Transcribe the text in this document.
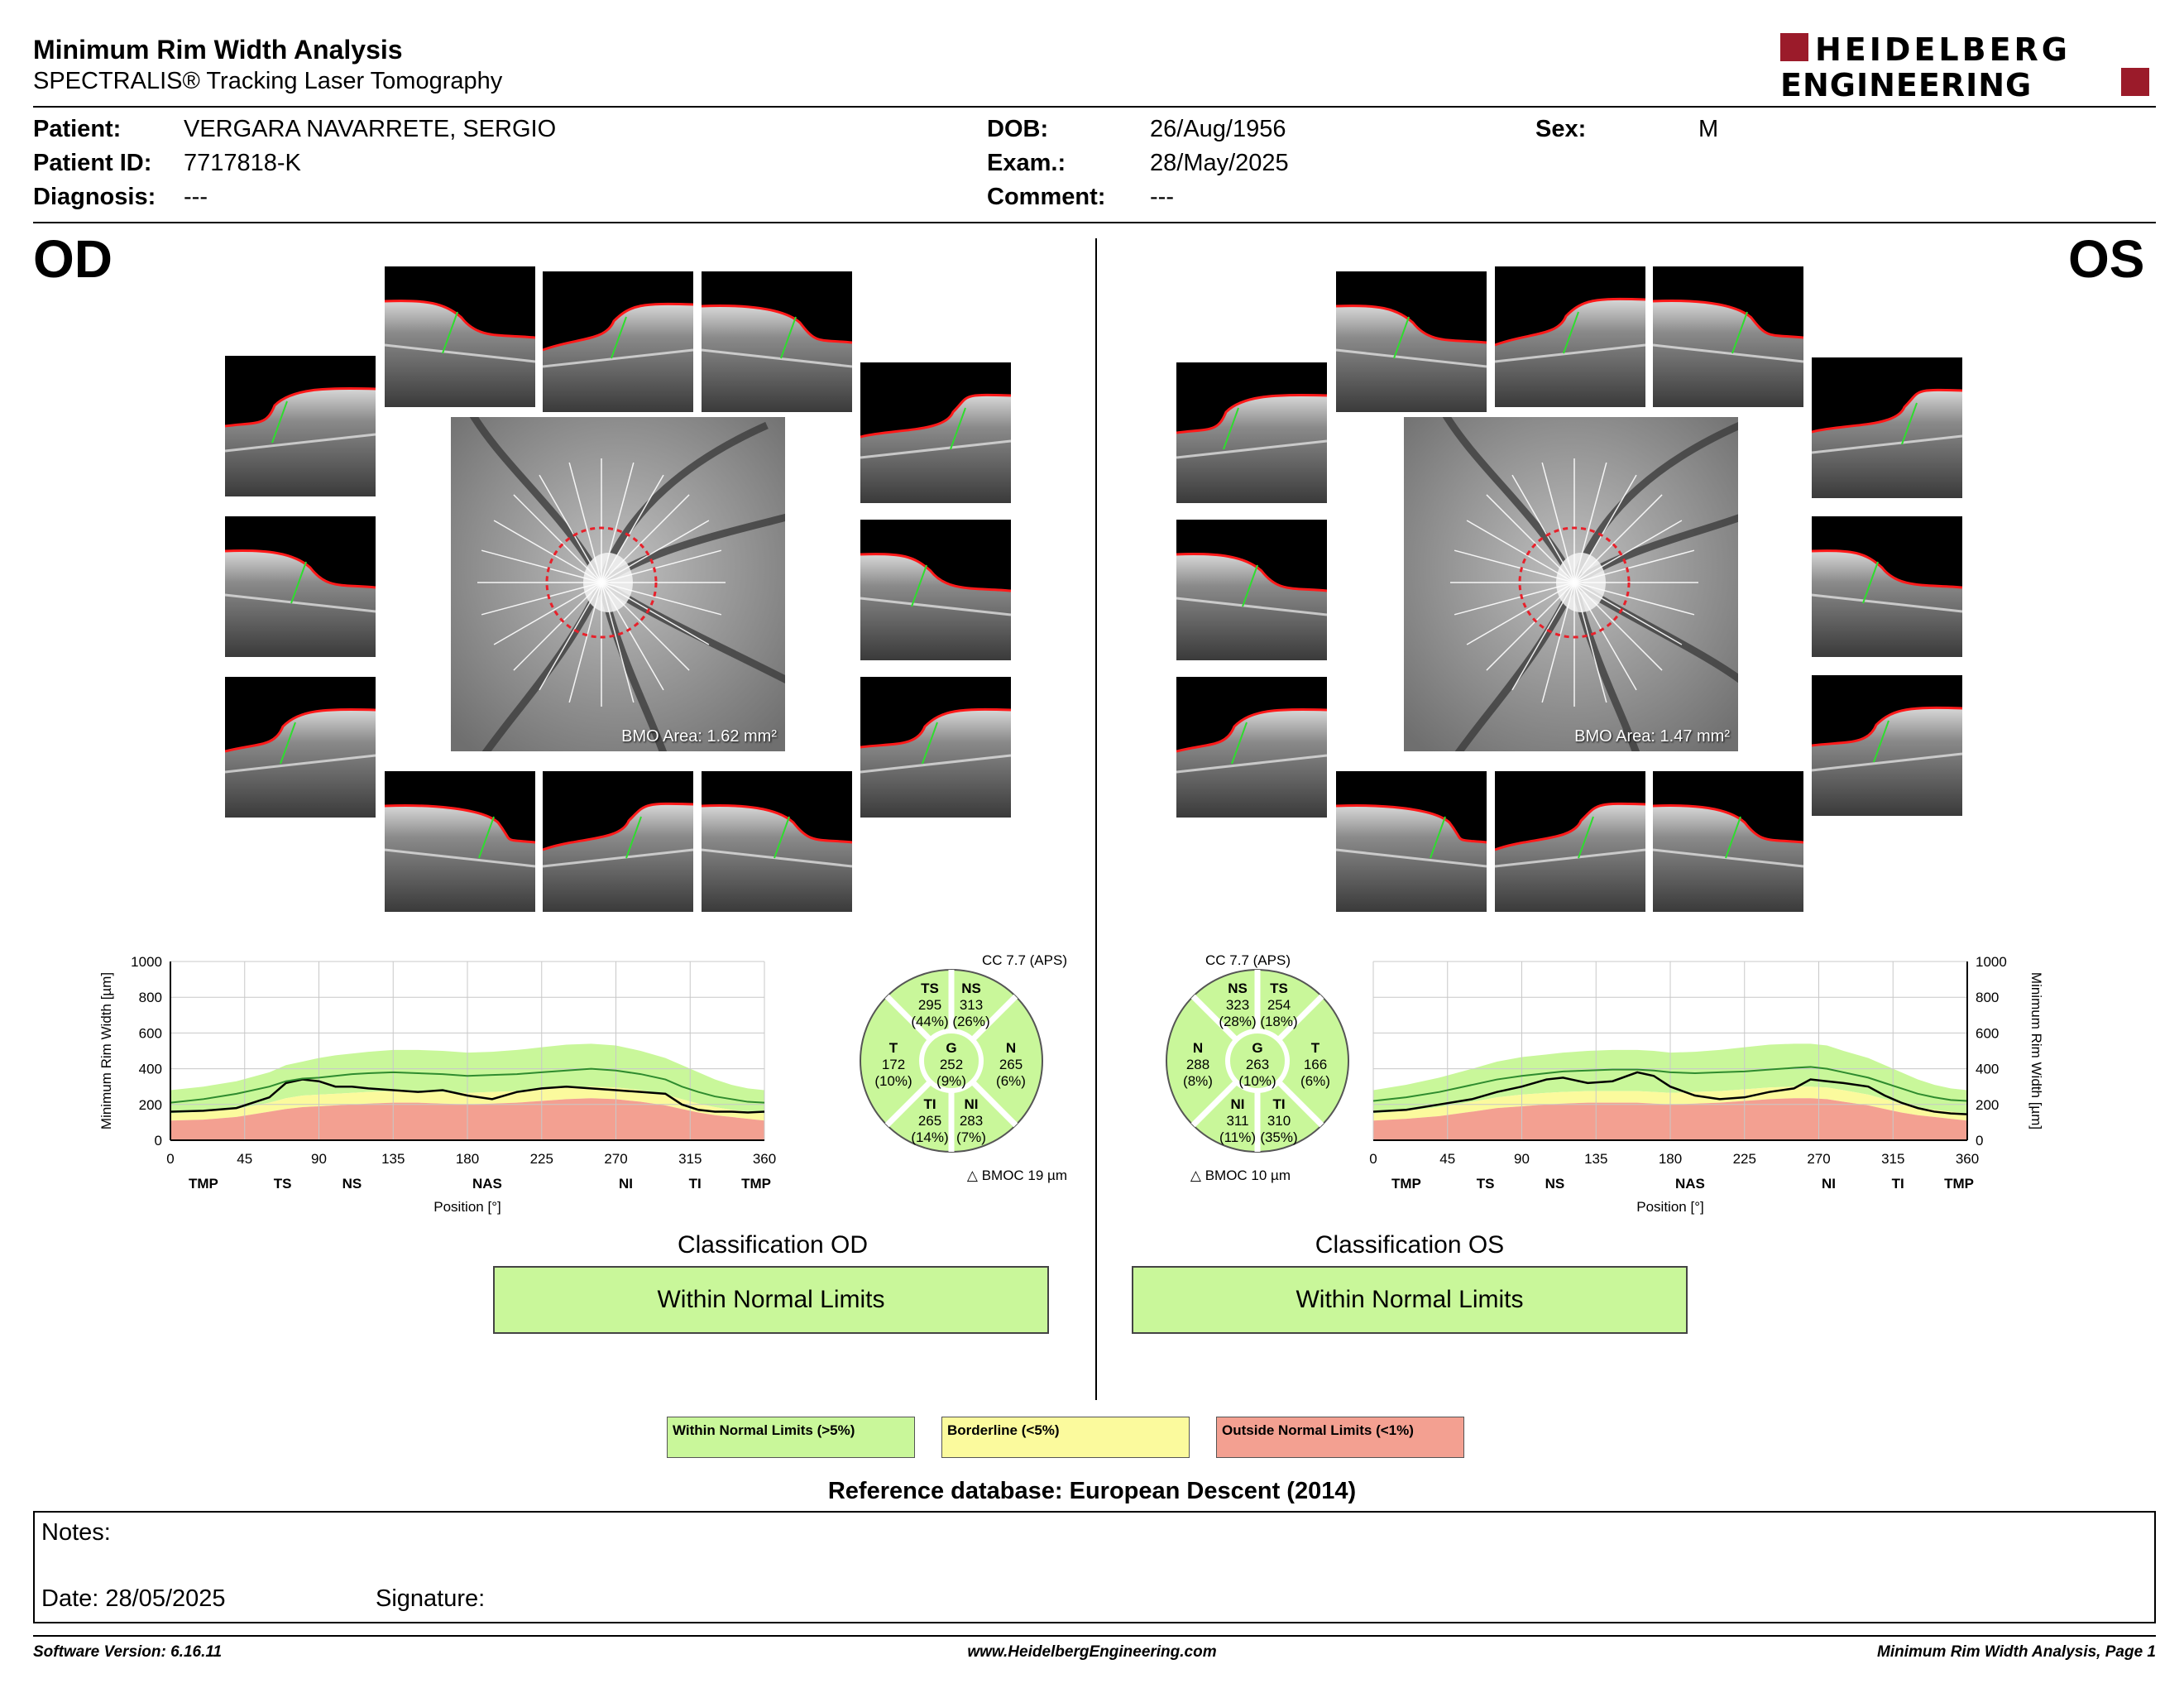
Minimum Rim Width Analysis
SPECTRALIS® Tracking Laser Tomography
HEIDELBERG
ENGINEERING
Patient:	VERGARA NAVARRETE, SERGIO
Patient ID: 7717818-K
Diagnosis: ---
DOB:	26/Aug/1956
Exam.:	28/May/2025
Comment: ---
Sex:	M
OD	OS
BMO Area: 1.62 mm²	BMO Area: 1.47 mm²
0
200
400
600
800
1000
0	45	90	135	180	225	270	315	360
TMP	TS	NS	NAS	NI	TI	TMP
Position [°]
Minimum Rim Width [µm]
0
200
400
600
800
1000
0	45	90	135	180	225	270	315	360
TMP	TS	NS	NAS	NI	TI	TMP
Position [°]
Minimum Rim Width [µm]
TS
295
(44%)
NS
313
(26%)
T
172
(10%)
G
252
(9%)
N
265
(6%)
TI
265
(14%)
NI
283
(7%)
CC 7.7 (APS)
△ BMOC 19 µm
NS
323
(28%)
TS
254
(18%)
N
288
(8%)
G
263
(10%)
T
166
(6%)
NI
311
(11%)
TI
310
(35%)
CC 7.7 (APS)
△ BMOC 10 µm
Classification OD
Within Normal Limits
Classification OS
Within Normal Limits
Within Normal Limits (>5%)	Borderline (<5%)	Outside Normal Limits (<1%)
Reference database: European Descent (2014)
Notes:
Date: 28/05/2025	Signature:
Software Version: 6.16.11	www.HeidelbergEngineering.com	Minimum Rim Width Analysis, Page 1
